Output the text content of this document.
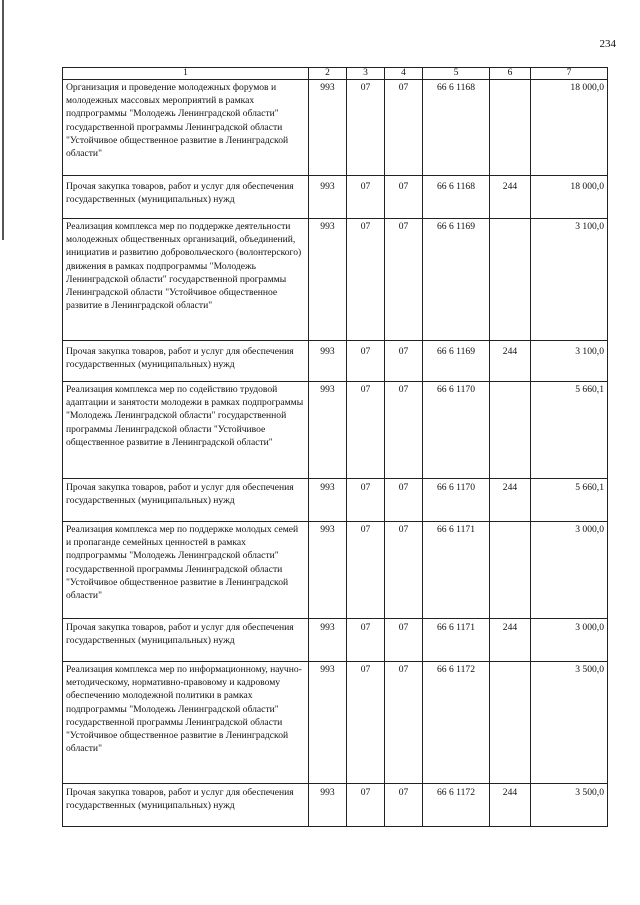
234
1	2	3	4	5	6	7
Организация и проведение молодежных форумов и молодежных массовых мероприятий в рамках подпрограммы "Молодежь Ленинградской области" государственной программы Ленинградской области "Устойчивое общественное развитие в Ленинградской области"	993	07	07	66 6 1168		18 000,0
Прочая закупка товаров, работ и услуг для обеспечения государственных (муниципальных) нужд	993	07	07	66 6 1168	244	18 000,0
Реализация комплекса мер по поддержке деятельности молодежных общественных организаций, объединений, инициатив и развитию добровольческого (волонтерского) движения в рамках подпрограммы "Молодежь Ленинградской области" государственной программы Ленинградской области "Устойчивое общественное развитие в Ленинградской области"	993	07	07	66 6 1169		3 100,0
Прочая закупка товаров, работ и услуг для обеспечения государственных (муниципальных) нужд	993	07	07	66 6 1169	244	3 100,0
Реализация комплекса мер по содействию трудовой адаптации и занятости молодежи в рамках подпрограммы "Молодежь Ленинградской области" государственной программы Ленинградской области "Устойчивое общественное развитие в Ленинградской области"	993	07	07	66 6 1170		5 660,1
Прочая закупка товаров, работ и услуг для обеспечения государственных (муниципальных) нужд	993	07	07	66 6 1170	244	5 660,1
Реализация комплекса мер по поддержке молодых семей и пропаганде семейных ценностей в рамках подпрограммы "Молодежь Ленинградской области" государственной программы Ленинградской области "Устойчивое общественное развитие в Ленинградской области"	993	07	07	66 6 1171		3 000,0
Прочая закупка товаров, работ и услуг для обеспечения государственных (муниципальных) нужд	993	07	07	66 6 1171	244	3 000,0
Реализация комплекса мер по информационному, научно-методическому, нормативно-правовому и кадровому обеспечению молодежной политики в рамках подпрограммы "Молодежь Ленинградской области" государственной программы Ленинградской области "Устойчивое общественное развитие в Ленинградской области"	993	07	07	66 6 1172		3 500,0
Прочая закупка товаров, работ и услуг для обеспечения государственных (муниципальных) нужд	993	07	07	66 6 1172	244	3 500,0
